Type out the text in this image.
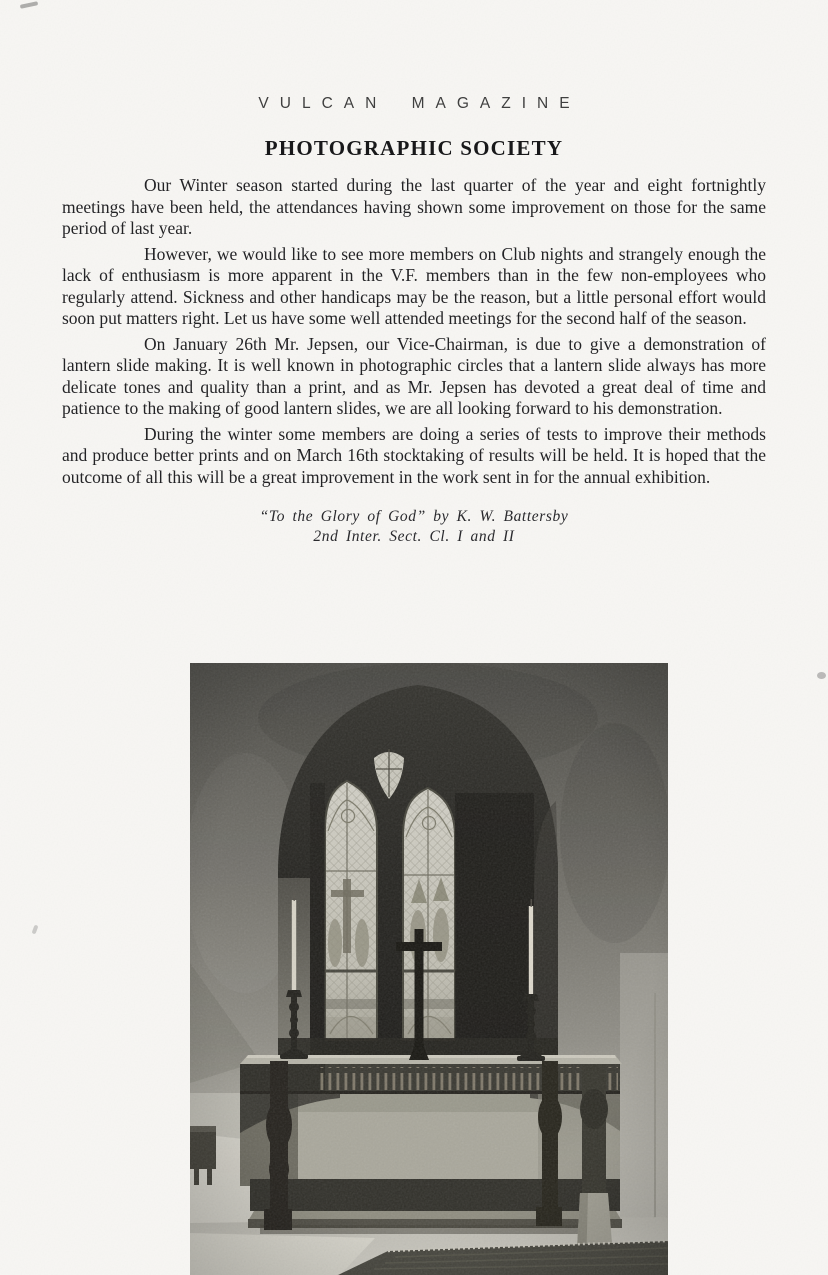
VULCAN MAGAZINE
PHOTOGRAPHIC SOCIETY

Our Winter season started during the last quarter of the year and eight fortnightly meetings have been held, the attendances having shown some improvement on those for the same period of last year.

However, we would like to see more members on Club nights and strangely enough the lack of enthusiasm is more apparent in the V.F. members than in the few non-employees who regularly attend. Sickness and other handicaps may be the reason, but a little personal effort would soon put matters right. Let us have some well attended meetings for the second half of the season.

On January 26th Mr. Jepsen, our Vice-Chairman, is due to give a demonstration of lantern slide making. It is well known in photographic circles that a lantern slide always has more delicate tones and quality than a print, and as Mr. Jepsen has devoted a great deal of time and patience to the making of good lantern slides, we are all looking forward to his demonstration.

During the winter some members are doing a series of tests to improve their methods and produce better prints and on March 16th stocktaking of results will be held. It is hoped that the outcome of all this will be a great improvement in the work sent in for the annual exhibition.

“To the Glory of God” by K. W. Battersby
2nd Inter. Sect. Cl. I and II
